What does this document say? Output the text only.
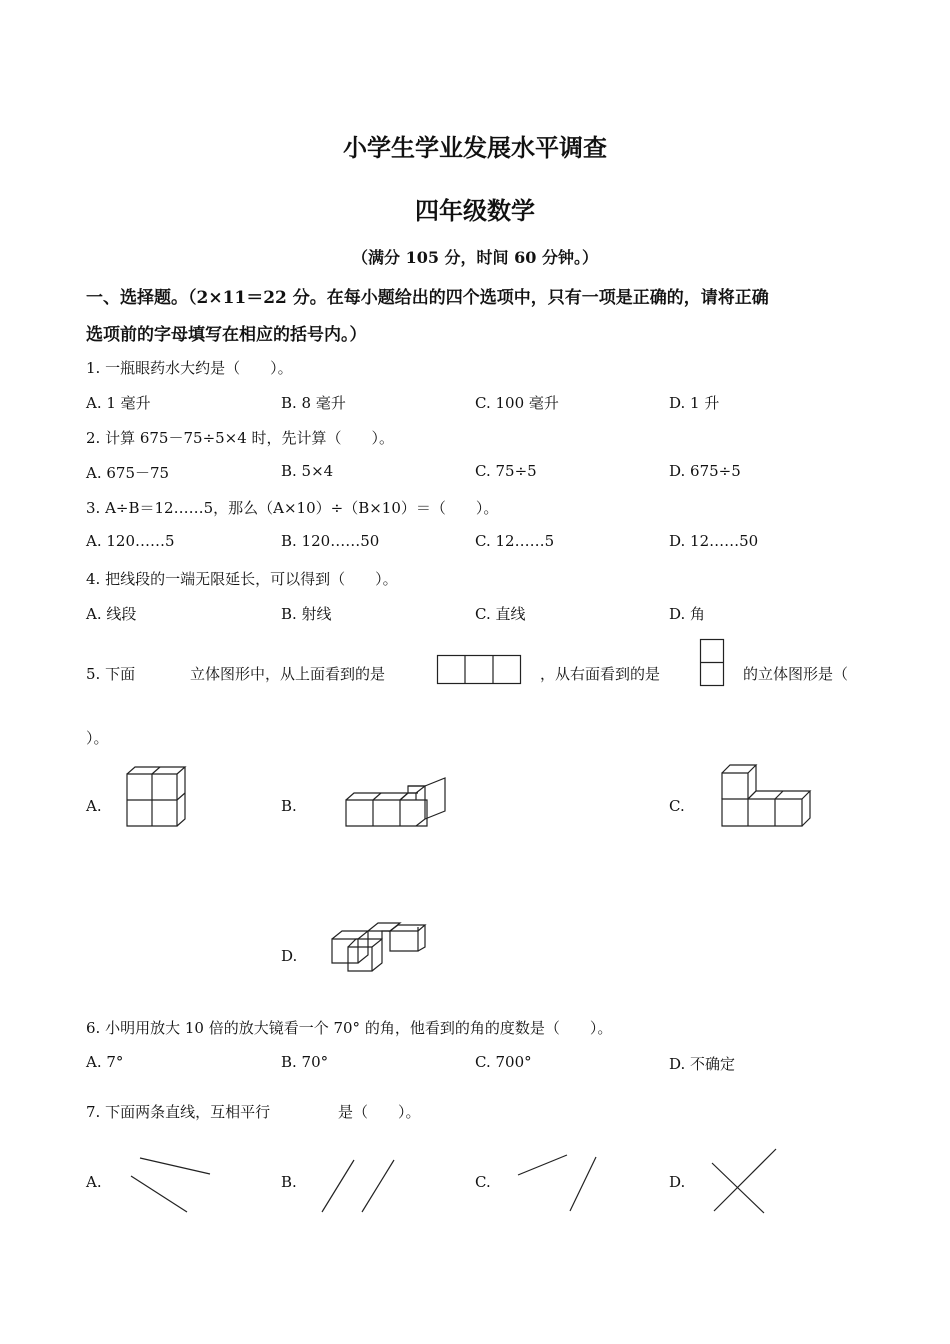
小学生学业发展水平调查
四年级数学
（满分 105 分，时间 60 分钟。）
一、选择题。（2×11＝22 分。在每小题给出的四个选项中，只有一项是正确的，请将正确
选项前的字母填写在相应的括号内。）
1. 一瓶眼药水大约是（　　）。
A. 1 毫升	B. 8 毫升	C. 100 毫升	D. 1 升
2. 计算 675－75÷5×4 时，先计算（　　）。
A. 675－75	B. 5×4	C. 75÷5	D. 675÷5
3. A÷B＝12……5，那么（A×10）÷（B×10）＝（　　）。
A. 120……5	B. 120……50	C. 12……5	D. 12……50
4. 把线段的一端无限延长，可以得到（　　）。
A. 线段	B. 射线	C. 直线	D. 角
5. 下面	立体图形中，从上面看到的是	，从右面看到的是	的立体图形是（
）。
A.	B.	C.
D.
6. 小明用放大 10 倍的放大镜看一个 70° 的角，他看到的角的度数是（　　）。
A. 7°	B. 70°	C. 700°	D. 不确定
7. 下面两条直线，互相平行	是（　　）。
A.	B.	C.	D.
